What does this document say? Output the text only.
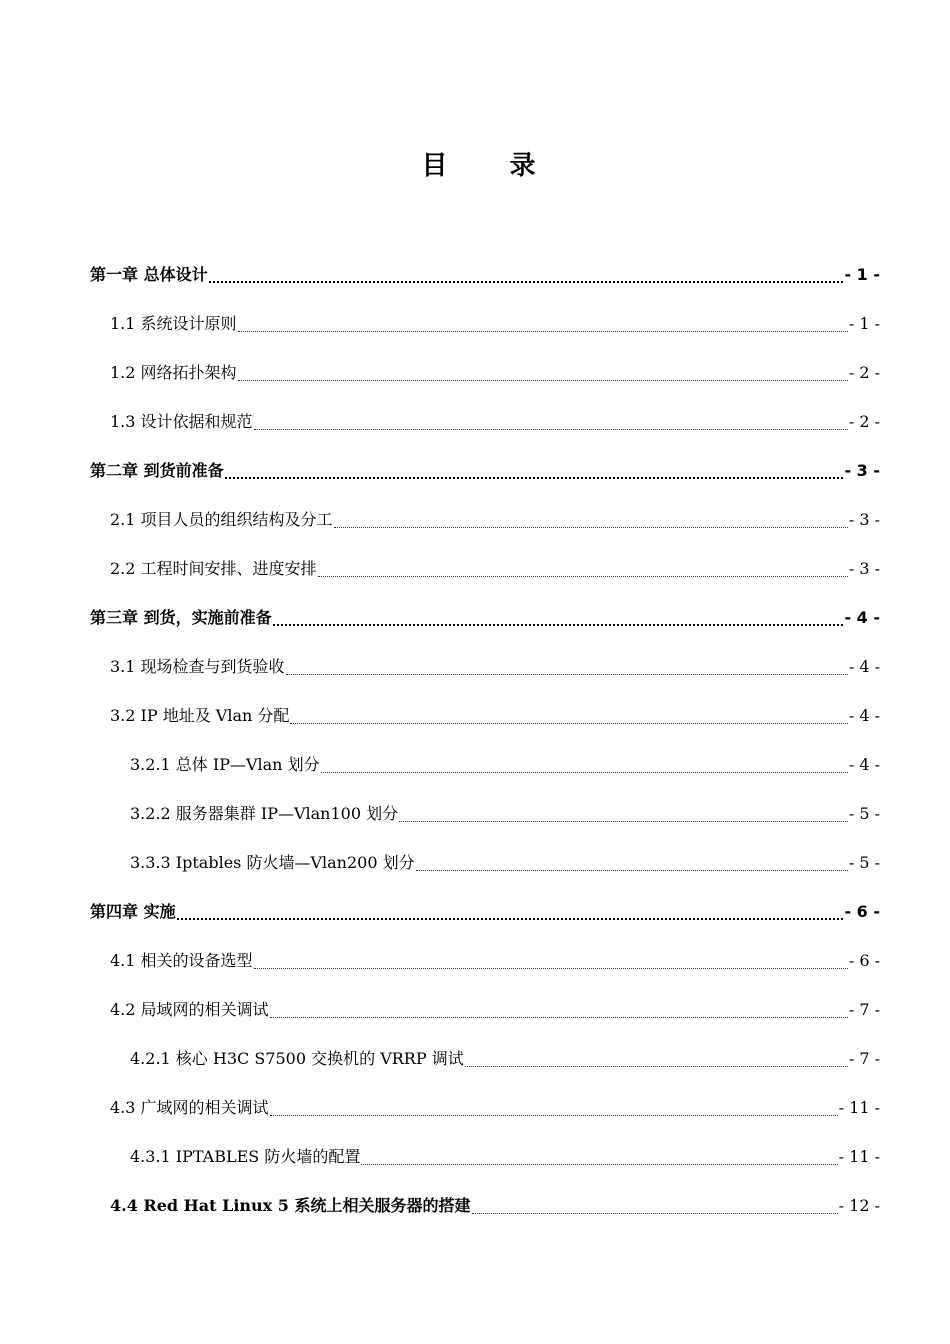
目　录
第一章 总体设计	- 1 -
1.1 系统设计原则	- 1 -
1.2 网络拓扑架构	- 2 -
1.3 设计依据和规范	- 2 -
第二章 到货前准备	- 3 -
2.1 项目人员的组织结构及分工	- 3 -
2.2 工程时间安排、进度安排	- 3 -
第三章 到货，实施前准备	- 4 -
3.1 现场检查与到货验收	- 4 -
3.2 IP 地址及 Vlan 分配	- 4 -
3.2.1 总体 IP—Vlan 划分	- 4 -
3.2.2 服务器集群 IP—Vlan100 划分	- 5 -
3.3.3 Iptables 防火墙—Vlan200 划分	- 5 -
第四章 实施	- 6 -
4.1 相关的设备选型	- 6 -
4.2 局域网的相关调试	- 7 -
4.2.1 核心 H3C S7500 交换机的 VRRP 调试	- 7 -
4.3 广域网的相关调试	- 11 -
4.3.1 IPTABLES 防火墙的配置	- 11 -
4.4 Red Hat Linux 5 系统上相关服务器的搭建	- 12 -
